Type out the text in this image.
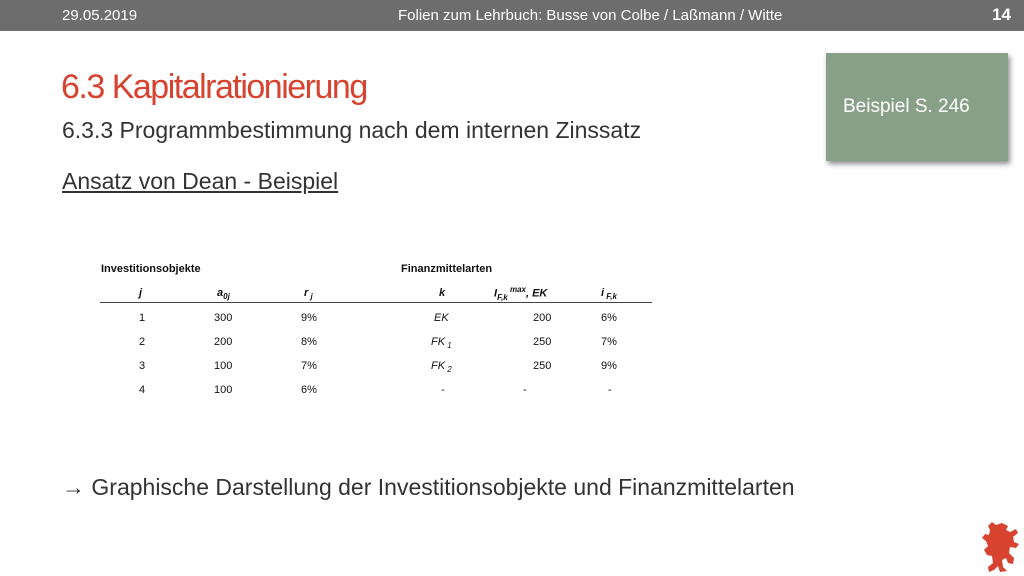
29.05.2019	Folien zum Lehrbuch: Busse von Colbe / Laßmann / Witte	14
6.3 Kapitalrationierung
6.3.3 Programmbestimmung nach dem internen Zinssatz
Ansatz von Dean - Beispiel
Beispiel S. 246
Investitionsobjekte	Finanzmittelarten
j	$a_{0j}$	r $_j$	k	$I_{F,k}$ $^{max}$, EK	i $_{F,k}$
1	300	9%	EK	200	6%
2	200	8%	FK $_1$	250	7%
3	100	7%	FK $_2$	250	9%
4	100	6%	-	-	-
→ Graphische Darstellung der Investitionsobjekte und Finanzmittelarten
